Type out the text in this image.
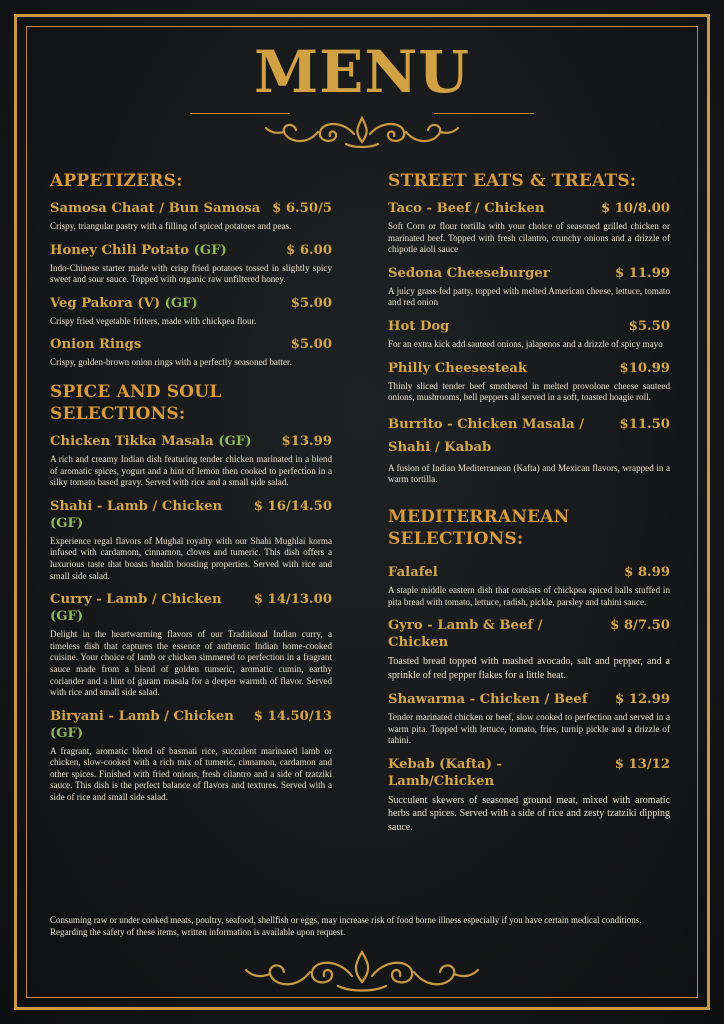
MENU
APPETIZERS:
Samosa Chaat / Bun Samosa $ 6.50/5
Crispy, triangular pastry with a filling of spiced potatoes and peas.
Honey Chili Potato (GF)	$ 6.00
Indo-Chinese starter made with crisp fried potatoes tossed in slightly spicy sweet and sour sauce. Topped with organic raw unfiltered honey.
Veg Pakora (V) (GF)	$5.00
Crispy fried vegetable fritters, made with chickpea flour.
Onion Rings	$5.00
Crispy, golden-brown onion rings with a perfectly seasoned batter.
SPICE AND SOUL
SELECTIONS:
Chicken Tikka Masala (GF) $13.99
A rich and creamy Indian dish featuring tender chicken marinated in a blend of aromatic spices, yogurt and a hint of lemon then cooked to perfection in a silky tomato based gravy. Served with rice and a small side salad.
Shahi - Lamb / Chicken (GF)
$ 16/14.50
Experience regal flavors of Mughal royalty with our Shahi Mughlai korma infused with cardamom, cinnamon, cloves and tumeric. This dish offers a luxurious taste that boasts health boosting properties. Served with rice and small side salad.
Curry - Lamb / Chicken (GF)
$ 14/13.00
Delight in the heartwarming flavors of our Traditional Indian curry, a timeless dish that captures the essence of authentic Indian home-cooked cuisine. Your choice of lamb or chicken simmered to perfection in a fragrant sauce made from a blend of golden tumeric, aromatic cumin, earthy coriander and a hint of garam masala for a deeper warmth of flavor. Served with rice and small side salad.
Biryani - Lamb / Chicken (GF)
$ 14.50/13
A fragrant, aromatic blend of basmati rice, succulent marinated lamb or chicken, slow-cooked with a rich mix of tumeric, cinnamon, cardamon and other spices. Finished with fried onions, fresh cilantro and a side of tzatziki sauce. This dish is the perfect balance of flavors and textures. Served with a side of rice and small side salad.
STREET EATS & TREATS:
Taco - Beef / Chicken	$ 10/8.00
Soft Corn or flour tortilla with your choice of seasoned grilled chicken or marinated beef. Topped with fresh cilantro, crunchy onions and a drizzle of chipotle aioli sauce
Sedona Cheeseburger	$ 11.99
A juicy grass-fed patty, topped with melted American cheese, lettuce, tomato and red onion
Hot Dog	$5.50
For an extra kick add sauteed onions, jalapenos and a drizzle of spicy mayo
Philly Cheesesteak	$10.99
Thinly sliced tender beef smothered in melted provolone cheese sauteed onions, mushrooms, bell peppers all served in a soft, toasted hoagie roll.
Burrito - Chicken Masala / Shahi / Kabab
$11.50
A fusion of Indian Mediterranean (Kafta) and Mexican flavors, wrapped in a warm tortilla.
MEDITERRANEAN
SELECTIONS:
Falafel	$ 8.99
A staple middle eastern dish that consists of chickpea spiced balls stuffed in pita bread with tomato, lettuce, radish, pickle, parsley and tahini sauce.
Gyro - Lamb & Beef / Chicken
$ 8/7.50
Toasted bread topped with mashed avocado, salt and pepper, and a sprinkle of red pepper flakes for a little heat.
Shawarma - Chicken / Beef $ 12.99
Tender marinated chicken or beef, slow cooked to perfection and served in a warm pita. Topped with lettuce, tomato, fries, turnip pickle and a drizzle of tahini.
Kebab (Kafta) - Lamb/Chicken
$ 13/12
Succulent skewers of seasoned ground meat, mixed with aromatic herbs and spices. Served with a side of rice and zesty tzatziki dipping sauce.
Consuming raw or under cooked meats, poultry, seafood, shellfish or eggs, may increase risk of food borne illness especially if you have certain medical conditions. Regarding the safety of these items, written information is available upon request.
